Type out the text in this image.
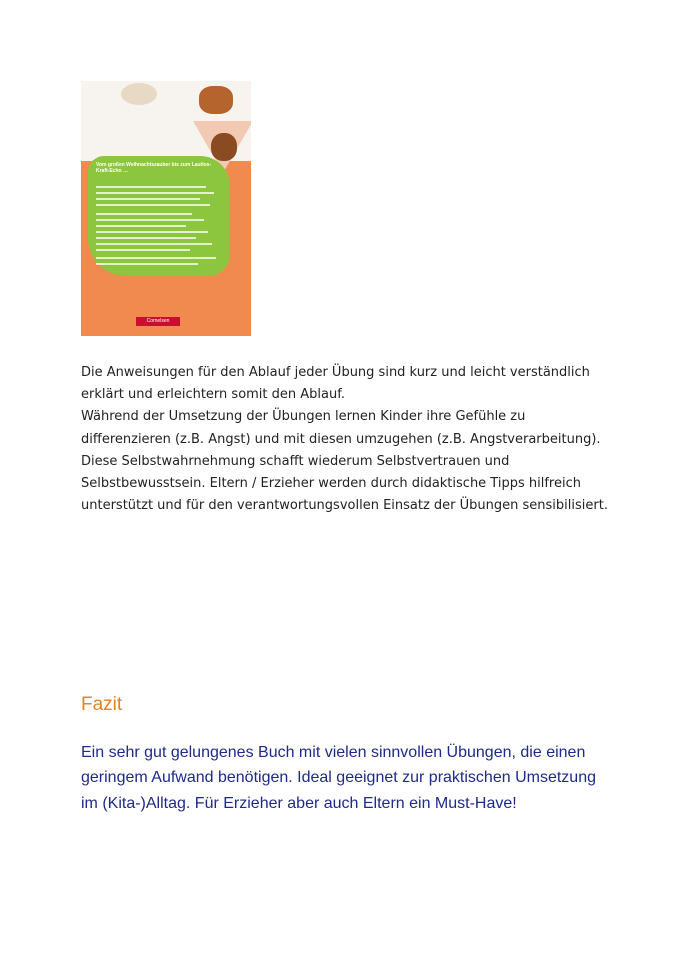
Vom großen Weihnachtszauber bis zum Lautlos-Kraft-Echo …
Cornelsen

Die Anweisungen für den Ablauf jeder Übung sind kurz und leicht verständlich erklärt und erleichtern somit den Ablauf.
Während der Umsetzung der Übungen lernen Kinder ihre Gefühle zu differenzieren (z.B. Angst) und mit diesen umzugehen (z.B. Angstverarbeitung). Diese Selbstwahrnehmung schafft wiederum Selbstvertrauen und Selbstbewusstsein. Eltern / Erzieher werden durch didaktische Tipps hilfreich unterstützt und für den verantwortungsvollen Einsatz der Übungen sensibilisiert.

Fazit

Ein sehr gut gelungenes Buch mit vielen sinnvollen Übungen, die einen geringem Aufwand benötigen. Ideal geeignet zur praktischen Umsetzung im (Kita-)Alltag. Für Erzieher aber auch Eltern ein Must-Have!
